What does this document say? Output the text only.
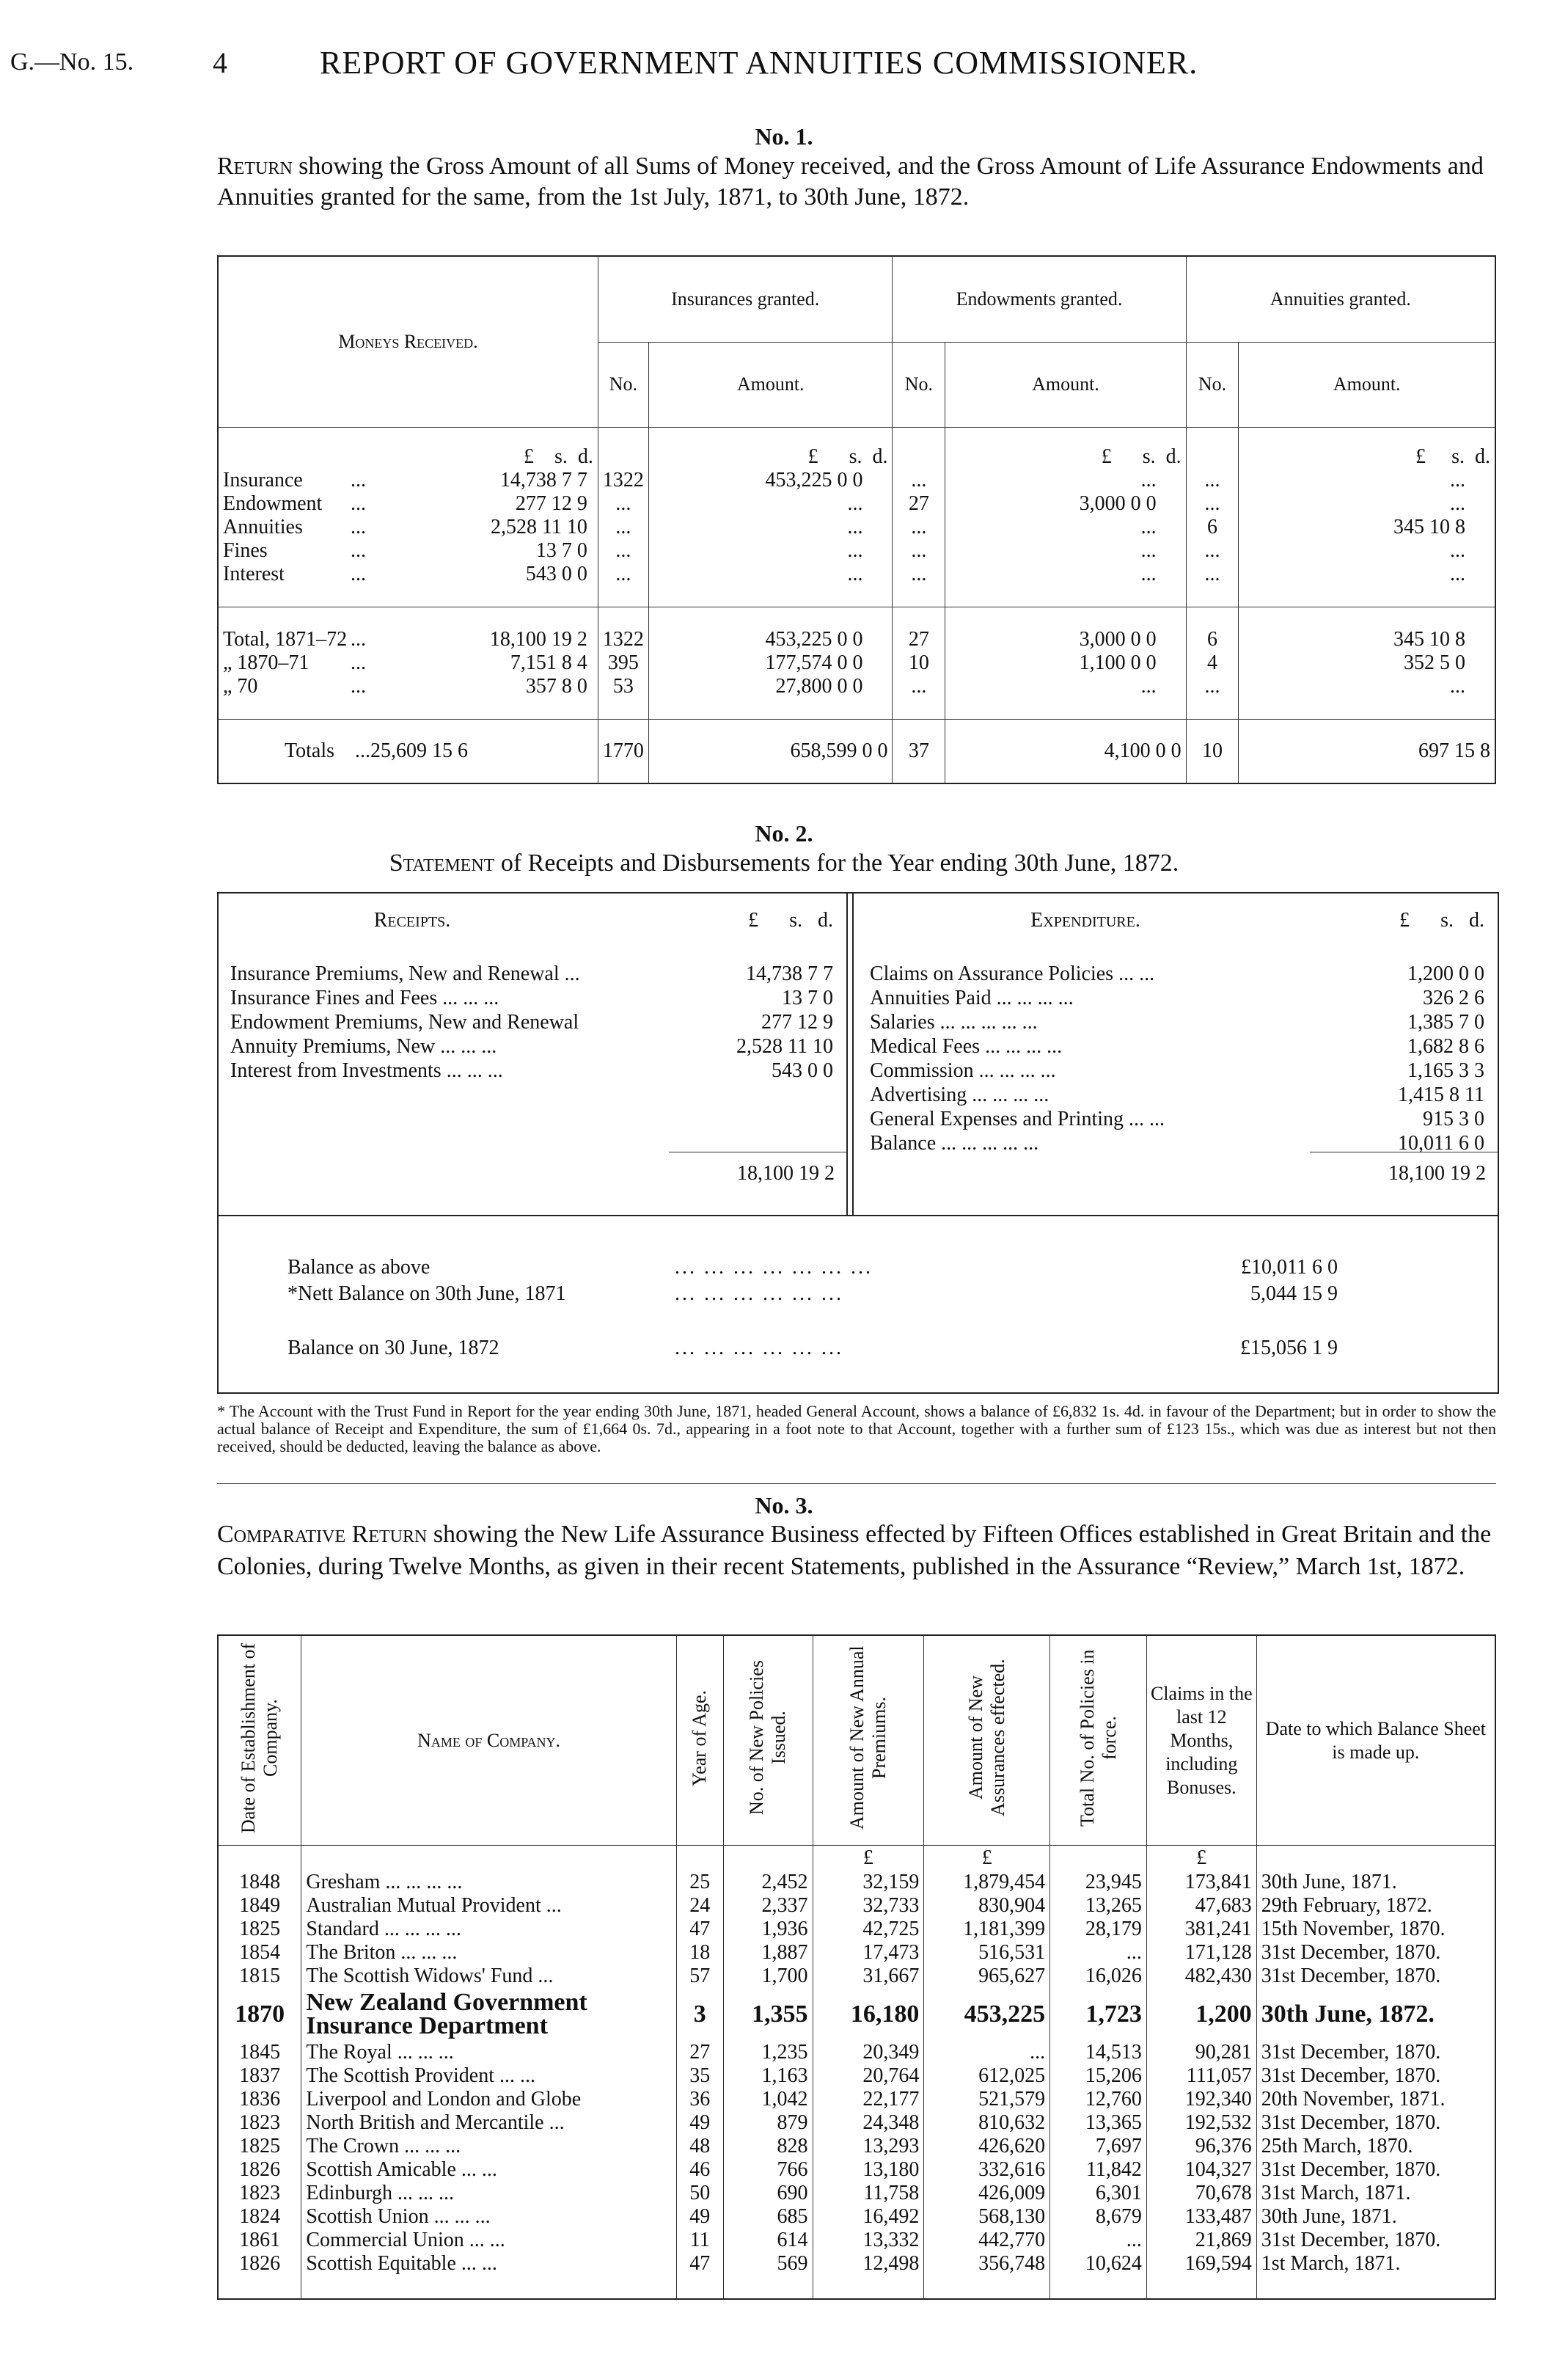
G.—No. 15.	4	REPORT OF GOVERNMENT ANNUITIES COMMISSIONER.
No. 1.
Return showing the Gross Amount of all Sums of Money received, and the Gross Amount of Life Assurance Endowments and Annuities granted for the same, from the 1st July, 1871, to 30th June, 1872.
Moneys Received.	Insurances granted.		Endowments granted.		Annuities granted.	
	No.	Amount.	No.	Amount.	No.	Amount.
£ s. d.		£ s. d.		£ s. d.		£ s. d.
Insurance ... 14,738 7 7	1322	453,225 0 0	...	...	...	...
Endowment ... 277 12 9	...	...	27	3,000 0 0	...	...
Annuities ... 2,528 11 10	...	...	...	...	6	345 10 8
Fines ... 13 7 0	...	...	...	...	...	...
Interest ... 543 0 0	...	...	...	...	...	...

Total, 1871–72 ... 18,100 19 2	1322	453,225 0 0	27	3,000 0 0	6	345 10 8
„ 1870–71 ... 7,151 8 4	395	177,574 0 0	10	1,100 0 0	4	352 5 0
„ 70 ... 357 8 0	53	27,800 0 0	...	...	...	...

Totals ...25,609 15 6	1770	658,599 0 0	37	4,100 0 0	10	697 15 8
No. 2.
Statement of Receipts and Disbursements for the Year ending 30th June, 1872.
Receipts.	£ s. d.

Insurance Premiums, New and Renewal ...	14,738 7 7
Insurance Fines and Fees ... ... ...	13 7 0
Endowment Premiums, New and Renewal	277 12 9
Annuity Premiums, New ... ... ...	2,528 11 10
Interest from Investments ... ... ...	543 0 0
18,100 19 2
Expenditure.	£ s. d.

Claims on Assurance Policies ... ...	1,200 0 0
Annuities Paid ... ... ... ...	326 2 6
Salaries ... ... ... ... ...	1,385 7 0
Medical Fees ... ... ... ...	1,682 8 6
Commission ... ... ... ...	1,165 3 3
Advertising ... ... ... ...	1,415 8 11
General Expenses and Printing ... ...	915 3 0
Balance ... ... ... ... ...	10,011 6 0
18,100 19 2
Balance as above	... ... ... ... ... ... ...	£10,011 6 0
*Nett Balance on 30th June, 1871	... ... ... ... ... ...	5,044 15 9
Balance on 30 June, 1872	... ... ... ... ... ...	£15,056 1 9
* The Account with the Trust Fund in Report for the year ending 30th June, 1871, headed General Account, shows a balance of £6,832 1s. 4d. in favour of the Department; but in order to show the actual balance of Receipt and Expenditure, the sum of £1,664 0s. 7d., appearing in a foot note to that Account, together with a further sum of £123 15s., which was due as interest but not then received, should be deducted, leaving the balance as above.
No. 3.
Comparative Return showing the New Life Assurance Business effected by Fifteen Offices established in Great Britain and the Colonies, during Twelve Months, as given in their recent Statements, published in the Assurance “Review,” March 1st, 1872.
Date of Establishment of Company.	Name of Company.	Year of Age.	No. of New Policies Issued.	Amount of New Annual Premiums.	Amount of New Assurances effected.	Total No. of Policies in force.	Claims in the last 12 Months, including Bonuses.	Date to which Balance Sheet is made up.
				£	£		£	
1848	Gresham ... ... ... ...	25	2,452	32,159	1,879,454	23,945	173,841	30th June, 1871.
1849	Australian Mutual Provident ...	24	2,337	32,733	830,904	13,265	47,683	29th February, 1872.
1825	Standard ... ... ... ...	47	1,936	42,725	1,181,399	28,179	381,241	15th November, 1870.
1854	The Briton ... ... ...	18	1,887	17,473	516,531	...	171,128	31st December, 1870.
1815	The Scottish Widows' Fund ...	57	1,700	31,667	965,627	16,026	482,430	31st December, 1870.
1870	New Zealand Government Insurance Department	3	1,355	16,180	453,225	1,723	1,200	30th June, 1872.
1845	The Royal ... ... ...	27	1,235	20,349	...	14,513	90,281	31st December, 1870.
1837	The Scottish Provident ... ...	35	1,163	20,764	612,025	15,206	111,057	31st December, 1870.
1836	Liverpool and London and Globe	36	1,042	22,177	521,579	12,760	192,340	20th November, 1871.
1823	North British and Mercantile ...	49	879	24,348	810,632	13,365	192,532	31st December, 1870.
1825	The Crown ... ... ...	48	828	13,293	426,620	7,697	96,376	25th March, 1870.
1826	Scottish Amicable ... ...	46	766	13,180	332,616	11,842	104,327	31st December, 1870.
1823	Edinburgh ... ... ...	50	690	11,758	426,009	6,301	70,678	31st March, 1871.
1824	Scottish Union ... ... ...	49	685	16,492	568,130	8,679	133,487	30th June, 1871.
1861	Commercial Union ... ...	11	614	13,332	442,770	...	21,869	31st December, 1870.
1826	Scottish Equitable ... ...	47	569	12,498	356,748	10,624	169,594	1st March, 1871.
